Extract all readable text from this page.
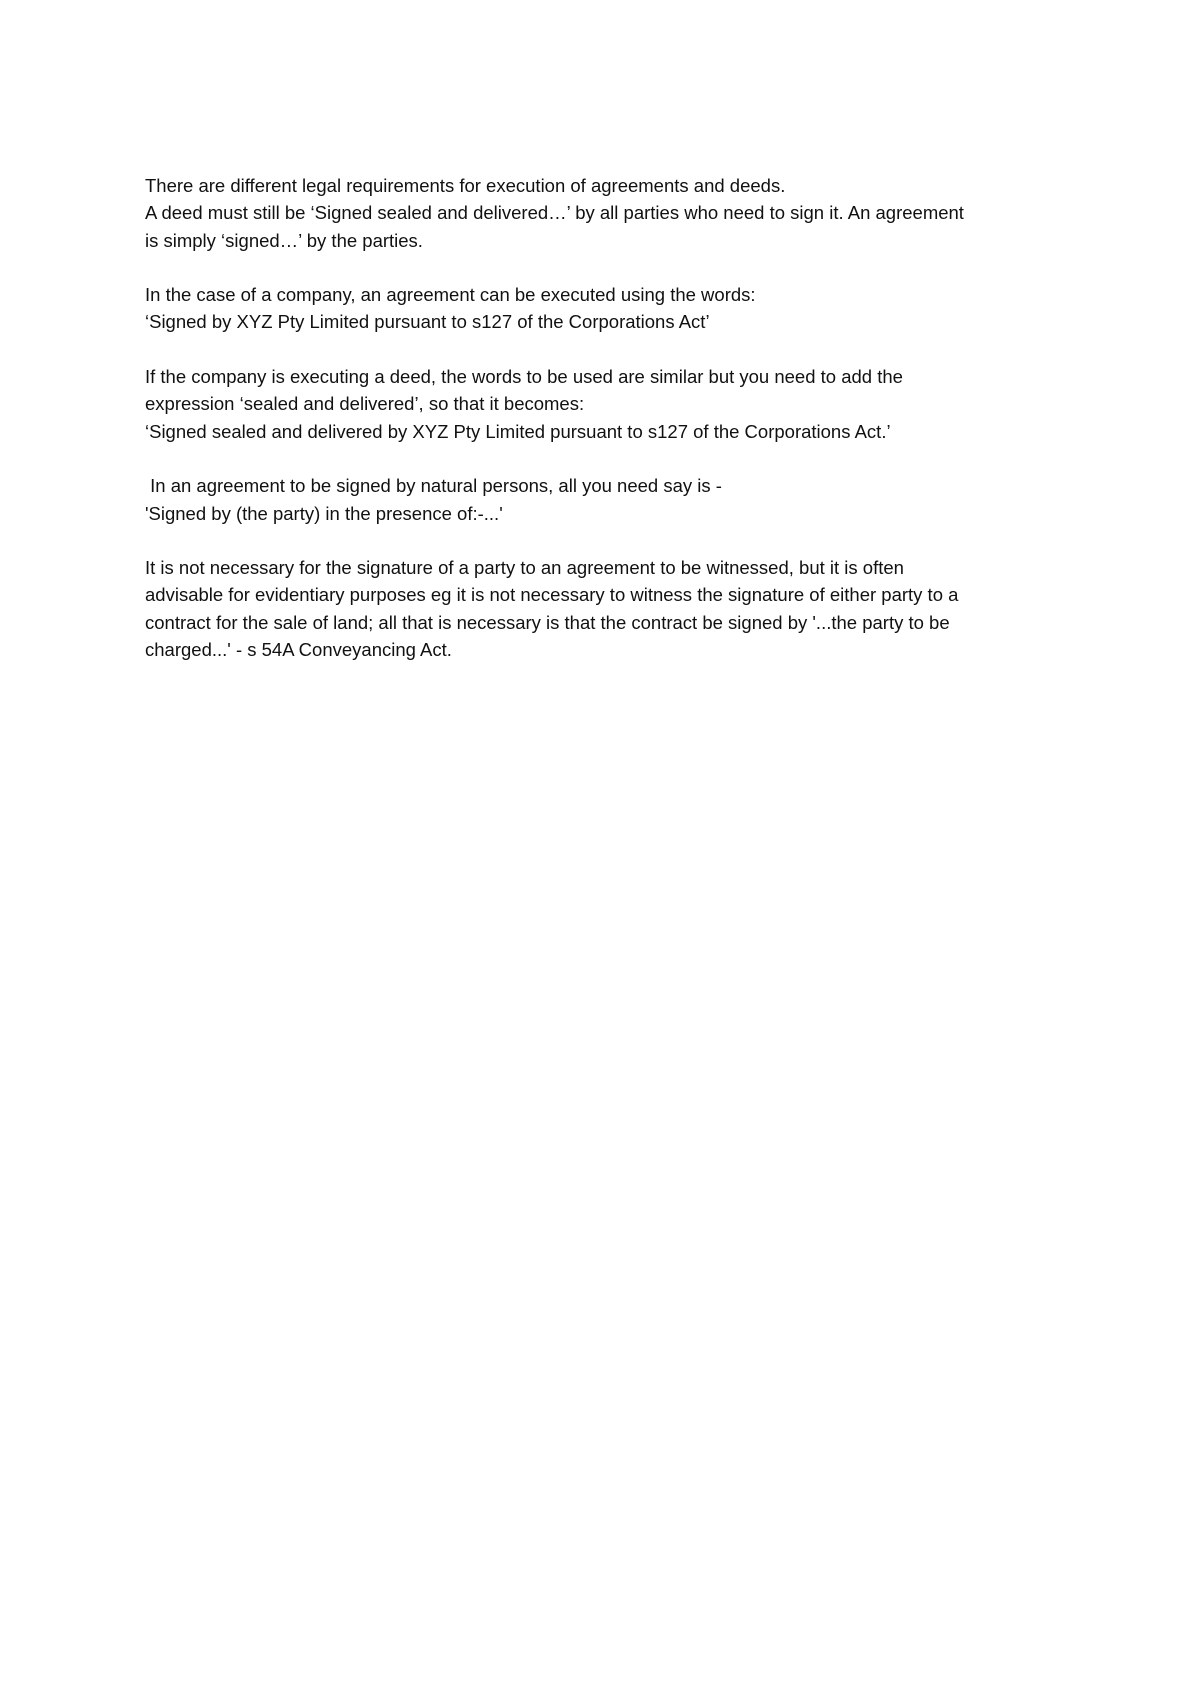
There are different legal requirements for execution of agreements and deeds.
A deed must still be ‘Signed sealed and delivered…’ by all parties who need to sign it. An agreement
is simply ‘signed…’ by the parties.

In the case of a company, an agreement can be executed using the words:
‘Signed by XYZ Pty Limited pursuant to s127 of the Corporations Act’

If the company is executing a deed, the words to be used are similar but you need to add the
expression ‘sealed and delivered’, so that it becomes:
‘Signed sealed and delivered by XYZ Pty Limited pursuant to s127 of the Corporations Act.’

In an agreement to be signed by natural persons, all you need say is -
'Signed by (the party) in the presence of:-...'

It is not necessary for the signature of a party to an agreement to be witnessed, but it is often
advisable for evidentiary purposes eg it is not necessary to witness the signature of either party to a
contract for the sale of land; all that is necessary is that the contract be signed by '...the party to be
charged...' - s 54A Conveyancing Act.
